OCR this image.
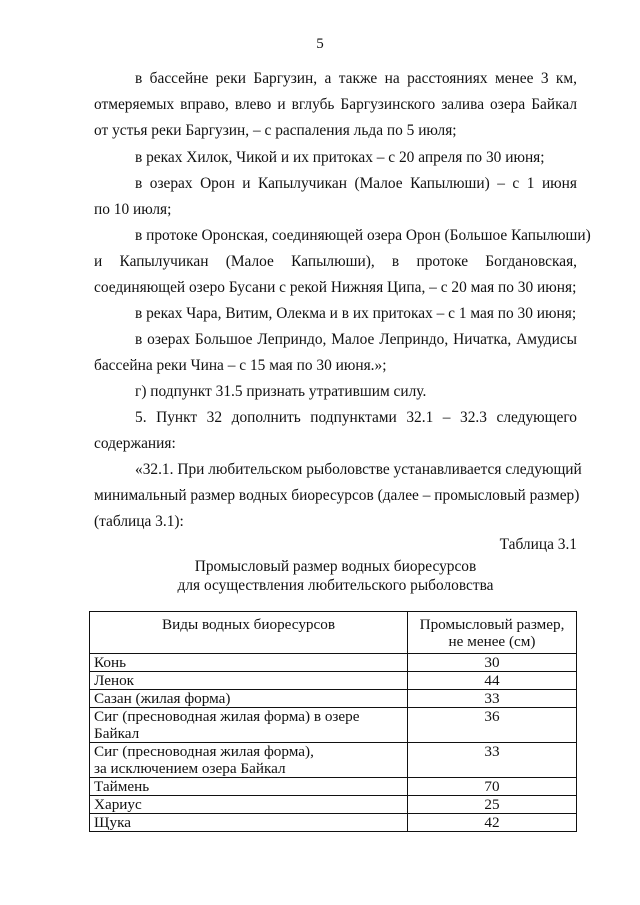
5
в бассейне реки Баргузин, а также на расстояниях менее 3 км,
отмеряемых вправо, влево и вглубь Баргузинского залива озера Байкал
от устья реки Баргузин, – с распаления льда по 5 июля;
в реках Хилок, Чикой и их притоках – с 20 апреля по 30 июня;
в озерах Орон и Капылучикан (Малое Капылюши) – с 1 июня
по 10 июля;
в протоке Оронская, соединяющей озера Орон (Большое Капылюши)
и Капылучикан (Малое Капылюши), в протоке Богдановская,
соединяющей озеро Бусани с рекой Нижняя Ципа, – с 20 мая по 30 июня;
в реках Чара, Витим, Олекма и в их притоках – с 1 мая по 30 июня;
в озерах Большое Леприндо, Малое Леприндо, Ничатка, Амудисы
бассейна реки Чина – с 15 мая по 30 июня.»;
г) подпункт 31.5 признать утратившим силу.
5. Пункт 32 дополнить подпунктами 32.1 – 32.3 следующего
содержания:
«32.1. При любительском рыболовстве устанавливается следующий
минимальный размер водных биоресурсов (далее – промысловый размер)
(таблица 3.1):
Таблица 3.1
Промысловый размер водных биоресурсов
для осуществления любительского рыболовства
Виды водных биоресурсов	Промысловый размер,
не менее (см)
Конь	30
Ленок	44
Сазан (жилая форма)	33
Сиг (пресноводная жилая форма) в озере
Байкал	36
Сиг (пресноводная жилая форма),
за исключением озера Байкал	33
Таймень	70
Хариус	25
Щука	42
